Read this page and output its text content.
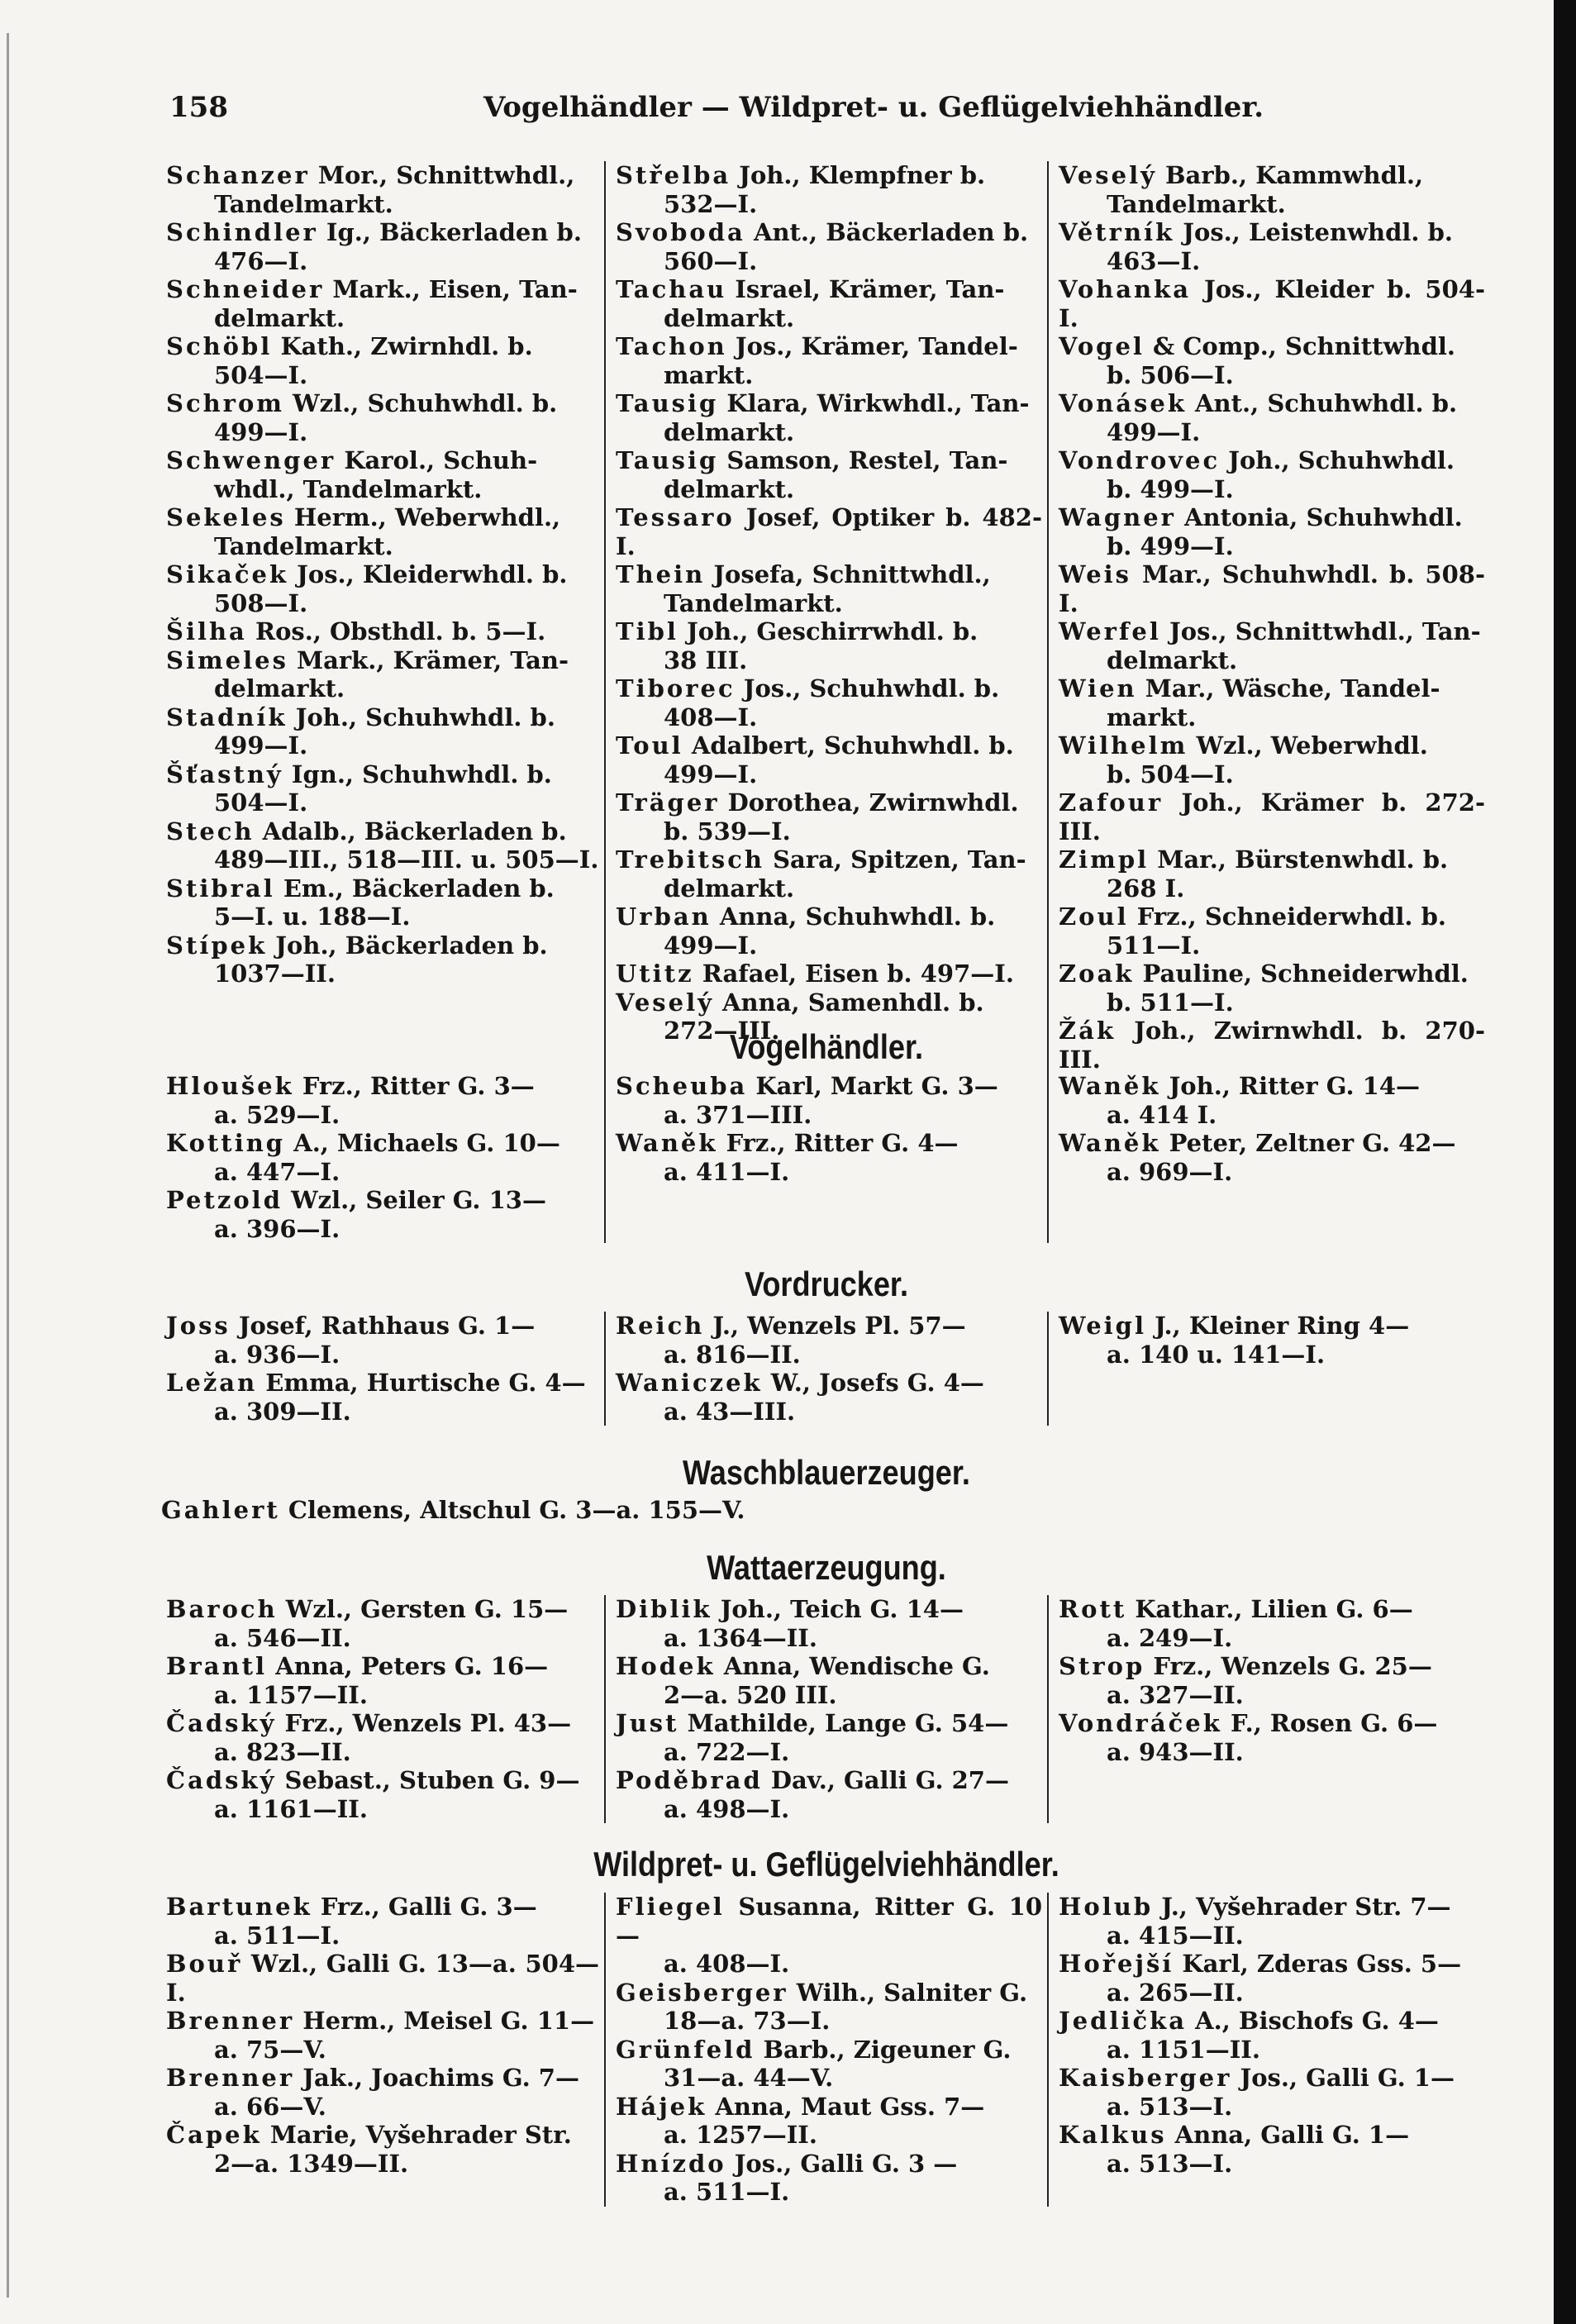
158	Vogelhändler — Wildpret- u. Geflügelviehhändler.
Schanzer Mor., Schnittwhdl.,
Tandelmarkt.
Schindler Ig., Bäckerladen b.
476—I.
Schneider Mark., Eisen, Tan-
delmarkt.
Schöbl Kath., Zwirnhdl. b.
504—I.
Schrom Wzl., Schuhwhdl. b.
499—I.
Schwenger Karol., Schuh-
whdl., Tandelmarkt.
Sekeles Herm., Weberwhdl.,
Tandelmarkt.
Sikaček Jos., Kleiderwhdl. b.
508—I.
Šilha Ros., Obsthdl. b. 5—I.
Simeles Mark., Krämer, Tan-
delmarkt.
Stadník Joh., Schuhwhdl. b.
499—I.
Šťastný Ign., Schuhwhdl. b.
504—I.
Stech Adalb., Bäckerladen b.
489—III., 518—III. u. 505—I.
Stibral Em., Bäckerladen b.
5—I. u. 188—I.
Stípek Joh., Bäckerladen b.
1037—II.
Střelba Joh., Klempfner b.
532—I.
Svoboda Ant., Bäckerladen b.
560—I.
Tachau Israel, Krämer, Tan-
delmarkt.
Tachon Jos., Krämer, Tandel-
markt.
Tausig Klara, Wirkwhdl., Tan-
delmarkt.
Tausig Samson, Restel, Tan-
delmarkt.
Tessaro Josef, Optiker b. 482-I.
Thein Josefa, Schnittwhdl.,
Tandelmarkt.
Tibl Joh., Geschirrwhdl. b.
38 III.
Tiborec Jos., Schuhwhdl. b.
408—I.
Toul Adalbert, Schuhwhdl. b.
499—I.
Träger Dorothea, Zwirnwhdl.
b. 539—I.
Trebitsch Sara, Spitzen, Tan-
delmarkt.
Urban Anna, Schuhwhdl. b.
499—I.
Utitz Rafael, Eisen b. 497—I.
Veselý Anna, Samenhdl. b.
272—III.
Veselý Barb., Kammwhdl.,
Tandelmarkt.
Větrník Jos., Leistenwhdl. b.
463—I.
Vohanka Jos., Kleider b. 504-I.
Vogel & Comp., Schnittwhdl.
b. 506—I.
Vonásek Ant., Schuhwhdl. b.
499—I.
Vondrovec Joh., Schuhwhdl.
b. 499—I.
Wagner Antonia, Schuhwhdl.
b. 499—I.
Weis Mar., Schuhwhdl. b. 508-I.
Werfel Jos., Schnittwhdl., Tan-
delmarkt.
Wien Mar., Wäsche, Tandel-
markt.
Wilhelm Wzl., Weberwhdl.
b. 504—I.
Zafour Joh., Krämer b. 272-III.
Zimpl Mar., Bürstenwhdl. b.
268 I.
Zoul Frz., Schneiderwhdl. b.
511—I.
Zoak Pauline, Schneiderwhdl.
b. 511—I.
Žák Joh., Zwirnwhdl. b. 270-III.
Vogelhändler.
Hloušek Frz., Ritter G. 3—
a. 529—I.
Kotting A., Michaels G. 10—
a. 447—I.
Petzold Wzl., Seiler G. 13—
a. 396—I.
Scheuba Karl, Markt G. 3—
a. 371—III.
Waněk Frz., Ritter G. 4—
a. 411—I.
Waněk Joh., Ritter G. 14—
a. 414 I.
Waněk Peter, Zeltner G. 42—
a. 969—I.
Vordrucker.
Joss Josef, Rathhaus G. 1—
a. 936—I.
Ležan Emma, Hurtische G. 4—
a. 309—II.
Reich J., Wenzels Pl. 57—
a. 816—II.
Waniczek W., Josefs G. 4—
a. 43—III.
Weigl J., Kleiner Ring 4—
a. 140 u. 141—I.
Waschblauerzeuger.
Gahlert Clemens, Altschul G. 3—a. 155—V.
Wattaerzeugung.
Baroch Wzl., Gersten G. 15—
a. 546—II.
Brantl Anna, Peters G. 16—
a. 1157—II.
Čadský Frz., Wenzels Pl. 43—
a. 823—II.
Čadský Sebast., Stuben G. 9—
a. 1161—II.
Diblik Joh., Teich G. 14—
a. 1364—II.
Hodek Anna, Wendische G.
2—a. 520 III.
Just Mathilde, Lange G. 54—
a. 722—I.
Poděbrad Dav., Galli G. 27—
a. 498—I.
Rott Kathar., Lilien G. 6—
a. 249—I.
Strop Frz., Wenzels G. 25—
a. 327—II.
Vondráček F., Rosen G. 6—
a. 943—II.
Wildpret- u. Geflügelviehhändler.
Bartunek Frz., Galli G. 3—
a. 511—I.
Bouř Wzl., Galli G. 13—a. 504—I.
Brenner Herm., Meisel G. 11—
a. 75—V.
Brenner Jak., Joachims G. 7—
a. 66—V.
Čapek Marie, Vyšehrader Str.
2—a. 1349—II.
Fliegel Susanna, Ritter G. 10—
a. 408—I.
Geisberger Wilh., Salniter G.
18—a. 73—I.
Grünfeld Barb., Zigeuner G.
31—a. 44—V.
Hájek Anna, Maut Gss. 7—
a. 1257—II.
Hnízdo Jos., Galli G. 3 —
a. 511—I.
Holub J., Vyšehrader Str. 7—
a. 415—II.
Hořejší Karl, Zderas Gss. 5—
a. 265—II.
Jedlička A., Bischofs G. 4—
a. 1151—II.
Kaisberger Jos., Galli G. 1—
a. 513—I.
Kalkus Anna, Galli G. 1—
a. 513—I.
